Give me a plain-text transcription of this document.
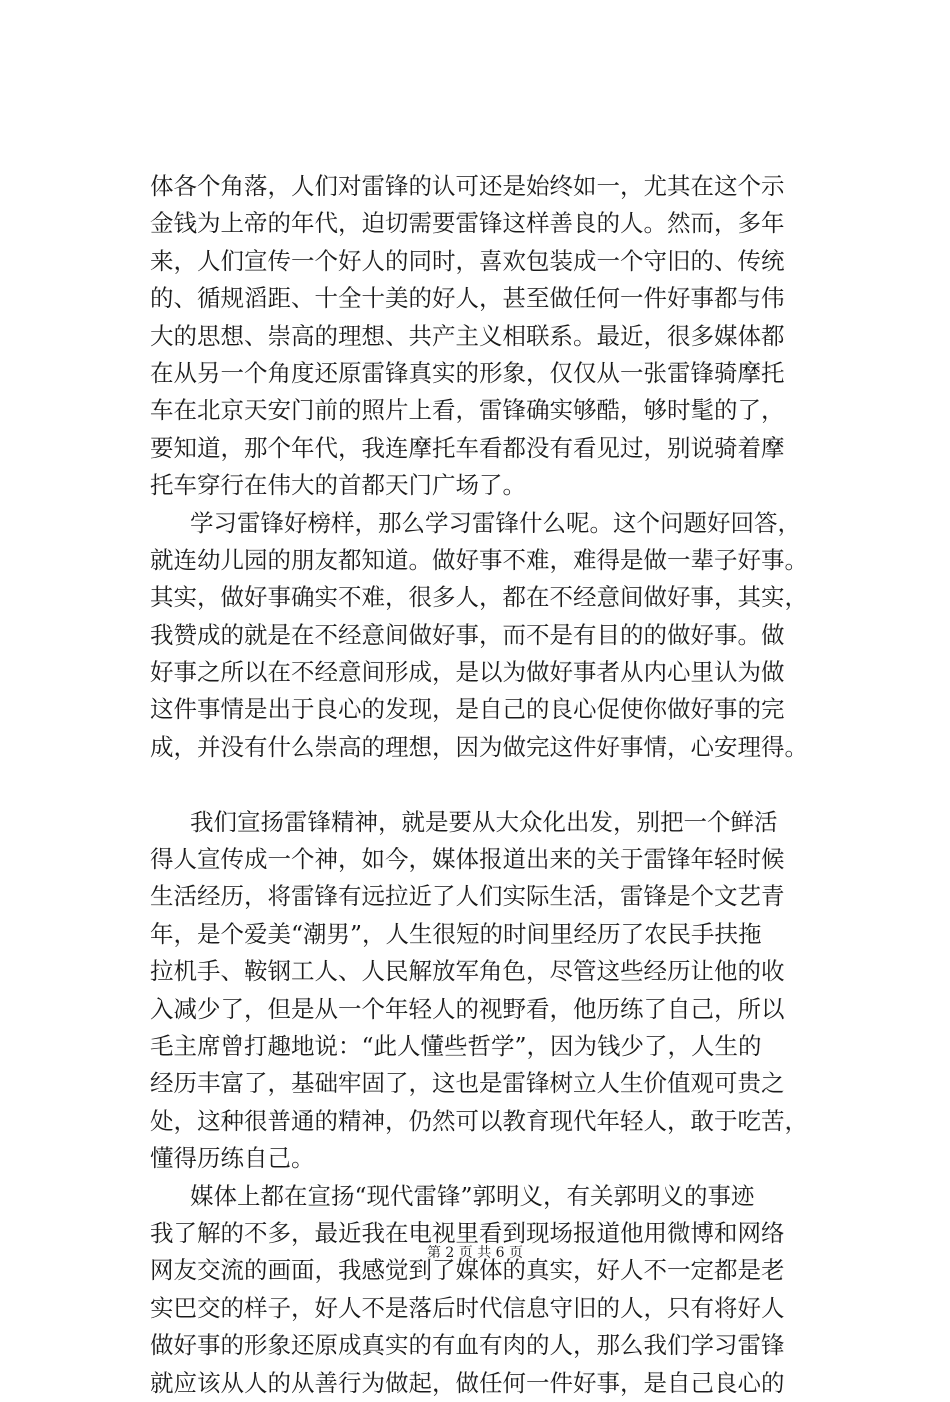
体各个角落，人们对雷锋的认可还是始终如一，尤其在这个示
金钱为上帝的年代，迫切需要雷锋这样善良的人。然而，多年
来，人们宣传一个好人的同时，喜欢包装成一个守旧的、传统
的、循规滔距、十全十美的好人，甚至做任何一件好事都与伟
大的思想、崇高的理想、共产主义相联系。最近，很多媒体都
在从另一个角度还原雷锋真实的形象，仅仅从一张雷锋骑摩托
车在北京天安门前的照片上看，雷锋确实够酷，够时髦的了，
要知道，那个年代，我连摩托车看都没有看见过，别说骑着摩
托车穿行在伟大的首都天门广场了。
学习雷锋好榜样，那么学习雷锋什么呢。这个问题好回答，
就连幼儿园的朋友都知道。做好事不难，难得是做一辈子好事。
其实，做好事确实不难，很多人，都在不经意间做好事，其实，
我赞成的就是在不经意间做好事，而不是有目的的做好事。做
好事之所以在不经意间形成，是以为做好事者从内心里认为做
这件事情是出于良心的发现，是自己的良心促使你做好事的完
成，并没有什么崇高的理想，因为做完这件好事情，心安理得。
我们宣扬雷锋精神，就是要从大众化出发，别把一个鲜活
得人宣传成一个神，如今，媒体报道出来的关于雷锋年轻时候
生活经历，将雷锋有远拉近了人们实际生活，雷锋是个文艺青
年，是个爱美“潮男”，人生很短的时间里经历了农民手扶拖
拉机手、鞍钢工人、人民解放军角色，尽管这些经历让他的收
入减少了，但是从一个年轻人的视野看，他历练了自己，所以
毛主席曾打趣地说：“此人懂些哲学”，因为钱少了，人生的
经历丰富了，基础牢固了，这也是雷锋树立人生价值观可贵之
处，这种很普通的精神，仍然可以教育现代年轻人，敢于吃苦，
懂得历练自己。
媒体上都在宣扬“现代雷锋”郭明义，有关郭明义的事迹
我了解的不多，最近我在电视里看到现场报道他用微博和网络
网友交流的画面，我感觉到了媒体的真实，好人不一定都是老
实巴交的样子，好人不是落后时代信息守旧的人，只有将好人
做好事的形象还原成真实的有血有肉的人，那么我们学习雷锋
就应该从人的从善行为做起，做任何一件好事，是自己良心的
第 2 页 共 6 页
